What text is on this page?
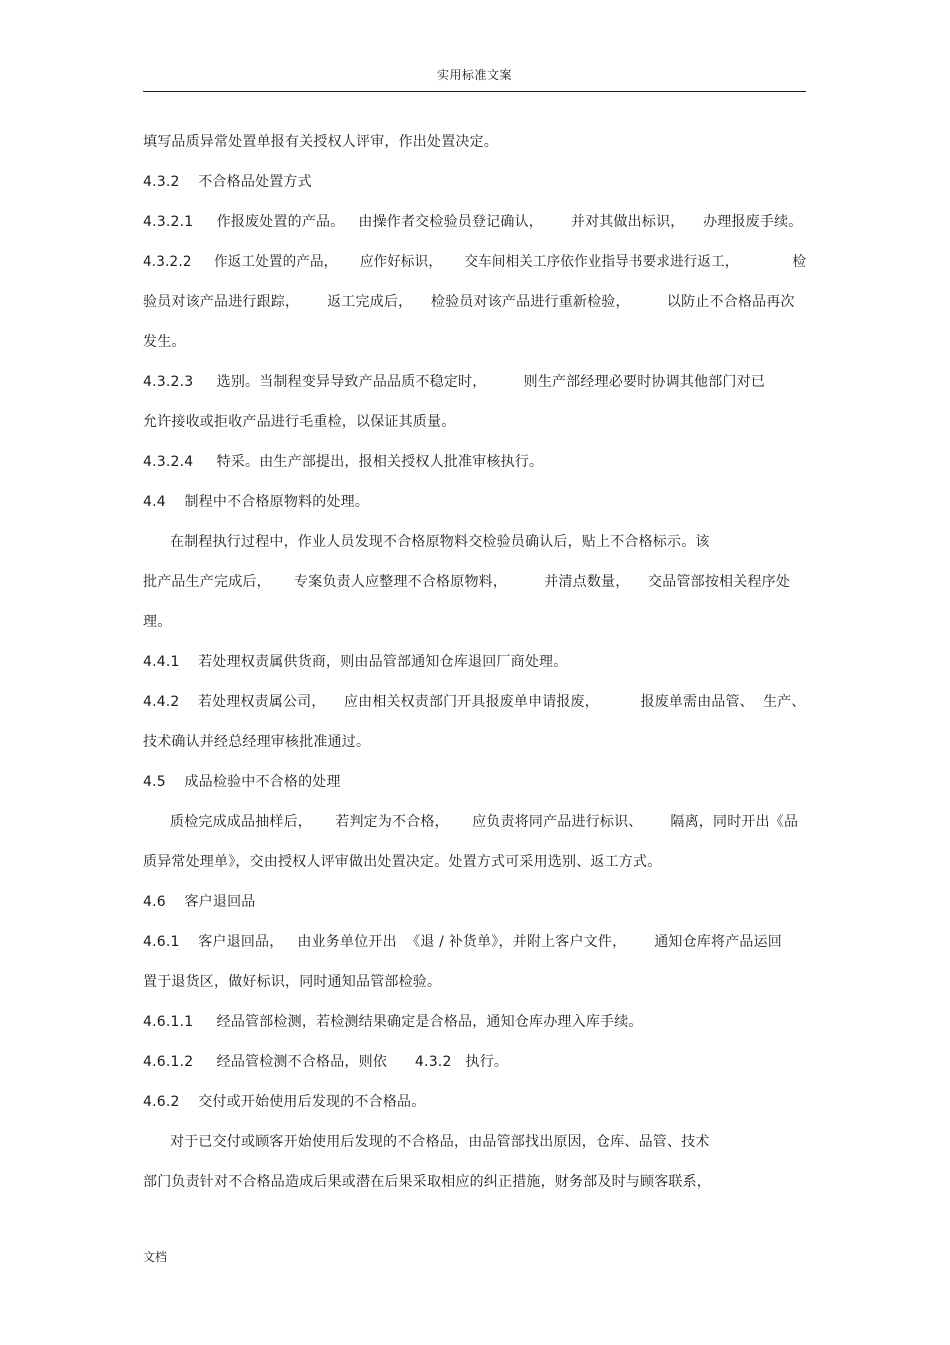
实用标准文案
填写品质异常处置单报有关授权人评审，作出处置决定。
4.3.2    不合格品处置方式
4.3.2.1     作报废处置的产品。   由操作者交检验员登记确认，      并对其做出标识，    办理报废手续。
4.3.2.2     作返工处置的产品，     应作好标识，     交车间相关工序依作业指导书要求进行返工，            检
验员对该产品进行跟踪，      返工完成后，    检验员对该产品进行重新检验，        以防止不合格品再次
发生。
4.3.2.3     选别。当制程变异导致产品品质不稳定时，        则生产部经理必要时协调其他部门对已
允许接收或拒收产品进行毛重检，以保证其质量。
4.3.2.4     特采。由生产部提出，报相关授权人批准审核执行。
4.4    制程中不合格原物料的处理。
在制程执行过程中，作业人员发现不合格原物料交检验员确认后，贴上不合格标示。该
批产品生产完成后，     专案负责人应整理不合格原物料，        并清点数量，    交品管部按相关程序处
理。
4.4.1    若处理权责属供货商，则由品管部通知仓库退回厂商处理。
4.4.2    若处理权责属公司，    应由相关权责部门开具报废单申请报废，         报废单需由品管、  生产、
技术确认并经总经理审核批准通过。
4.5    成品检验中不合格的处理
质检完成成品抽样后，     若判定为不合格，     应负责将同产品进行标识、      隔离，同时开出《品
质异常处理单》，交由授权人评审做出处置决定。处置方式可采用选别、返工方式。
4.6    客户退回品
4.6.1    客户退回品，   由业务单位开出  《退 / 补货单》，并附上客户文件，      通知仓库将产品运回
置于退货区，做好标识，同时通知品管部检验。
4.6.1.1     经品管部检测，若检测结果确定是合格品，通知仓库办理入库手续。
4.6.1.2     经品管检测不合格品，则依      4.3.2   执行。
4.6.2    交付或开始使用后发现的不合格品。
对于已交付或顾客开始使用后发现的不合格品，由品管部找出原因，仓库、品管、技术
部门负责针对不合格品造成后果或潜在后果采取相应的纠正措施，财务部及时与顾客联系，
文档
